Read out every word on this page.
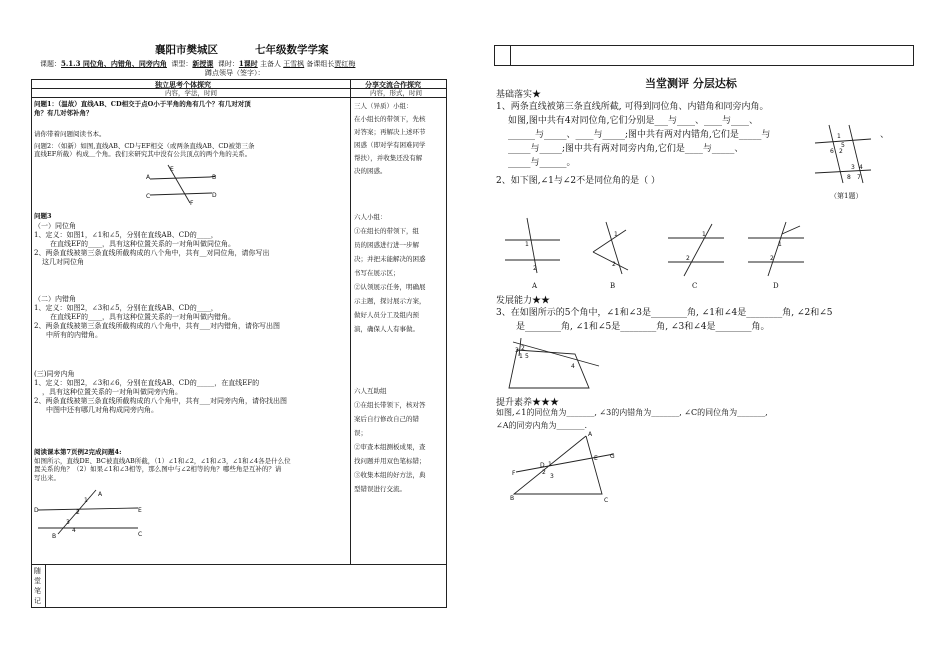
襄阳市樊城区	七年级数学学案
课题：5.1.3 同位角、内错角、同旁内角 课型：新授课 课时：1课时 主备人 王雪枫 备课组长贾红梅
蹲点领导（签字）：
独立思考个体探究	分享交流合作探究
内容，学法，时间	内容，形式，时间
问题1：（温故）直线AB、CD相交于点O小于平角的角有几个？有几对对顶
角？有几对邻补角？
请你带着问题阅读书本。
问题2：（如新）如图,直线AB、CD与EF相交（或两条直线AB、CD被第三条
直线EF所截）构成＿个角。我们来研究其中没有公共顶点的两个角的关系。
E
A	B
C	D
F
问题3
（一）同位角
1、定义：如图1，∠1和∠5，分别在直线AB、CD的____，
在直线EF的____，具有这种位置关系的一对角叫做同位角。
2、两条直线被第三条直线所截构成的八个角中，共有__对同位角，请你写出
这几对同位角
（二）内错角
1、定义：如图2，∠3和∠5，分别在直线AB、CD的____，
在直线EF的____，具有这种位置关系的一对角叫做内错角。
2、两条直线被第三条直线所截构成的八个角中，共有___对内错角，请你写出图
中所有的内错角。
(三)同旁内角
1、定义：如图2，∠3和∠6，分别在直线AB、CD的_____，在直线EF的
，具有这种位置关系的一对角叫做同旁内角。
2、两条直线被第三条直线所截构成的八个角中，共有___对同旁内角，请你找出图
中图中还有哪几对角构成同旁内角。
阅读课本第7页例2完成问题4:
如图所示，直线DE、BC被直线AB所截，（1）∠1和∠2，∠1和∠3，∠1和∠4各是什么位
置关系的角？（2）如果∠1和∠3相等，那么图中与∠2相等的角？哪些角是互补的？请
写出来。
1
2
3
4
A
B	C
D	E
三人（异质）小组：
在小组长的带领下，先核
对答案；再解决上述环节
困惑（即对学有困难同学
帮扶），并收集还没有解
决的困惑。
六人小组：
①在组长的带领下，组
员的困惑进行进一步解
决；并把未能解决的困惑
书写在展示区；
②认领展示任务，明确展
示主题，探讨展示方案，
做好人员分工及组内预
演，确保人人有事做。
六人互助组
①在组长带领下，核对答
案后自行修改自己的错
误；
②审查本组测板成果，查
找问题并用双色笔标错；
③收集本组的好方法，典
型错误进行交流。
随
堂
笔
记
当堂测评 分层达标
基础落实★
1、两条直线被第三条直线所截, 可得到同位角、内错角和同旁内角。
如图,图中共有4对同位角,它们分别是___与____、____与____、
______与_____、____与_____;图中共有两对内错角,它们是_____与
_____与_____;图中共有两对同旁内角,它们是____与_____、
_____与______。
、
1
5
6 2
3 4
8 7
（第1题）
2、如下图,∠1与∠2不是同位角的是（ ）
1
2
A
1
2
B
1
2
C
1
2
D
发展能力★★
3、在如图所示的5个角中，∠1和∠3是________角, ∠1和∠4是________角, ∠2和∠5
是________角, ∠1和∠5是________角, ∠3和∠4是________角。
3 2
1 5
4
提升素养★★★
如图,∠1的同位角为_______, ∠3的内错角为_______, ∠C的同位角为_______,
∠A的同旁内角为_______.
A
B	C
D
E
F
G
1
2
3
